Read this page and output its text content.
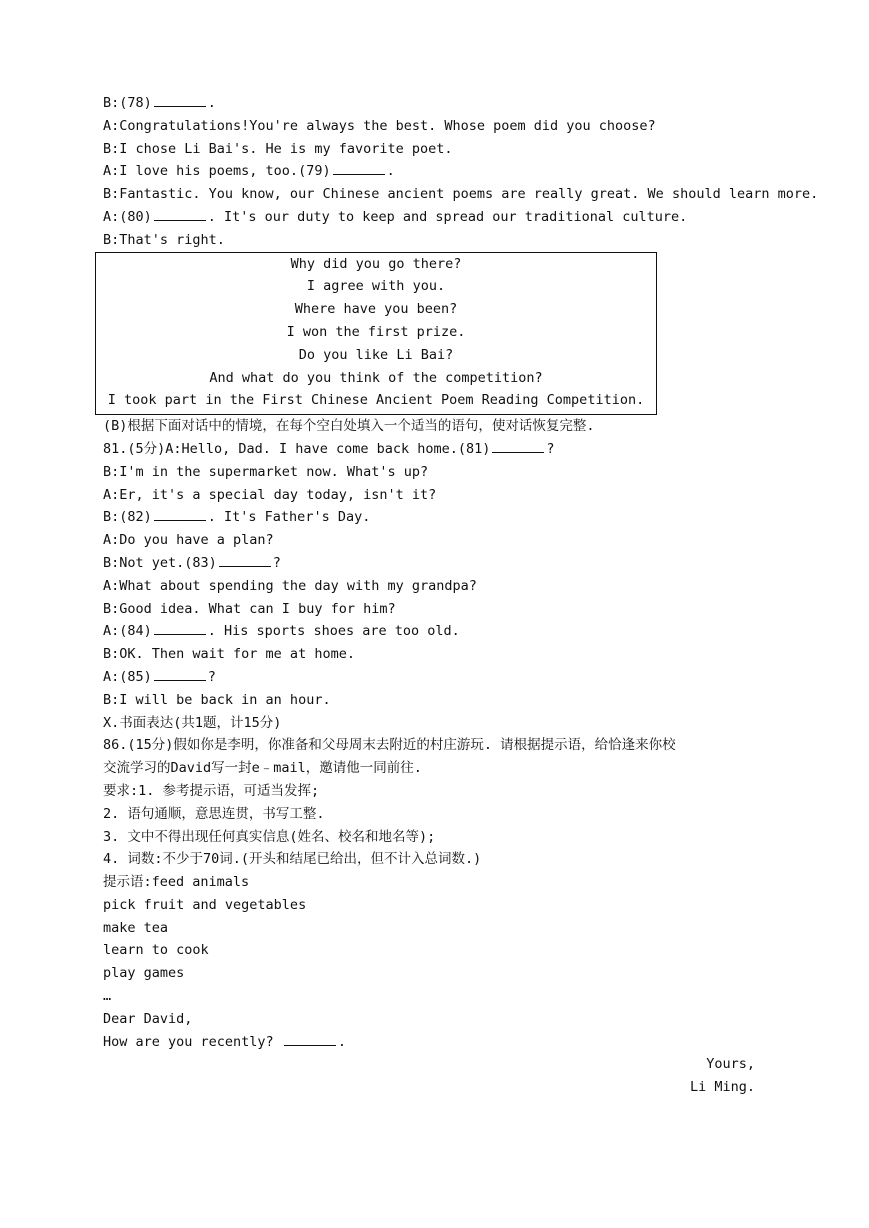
B:(78)	.
A:Congratulations!You're always the best. Whose poem did you choose?
B:I chose Li Bai's. He is my favorite poet.
A:I love his poems, too.(79)	.
B:Fantastic. You know, our Chinese ancient poems are really great. We should learn more.
A:(80)	. It's our duty to keep and spread our traditional culture.
B:That's right.
Why did you go there?
I agree with you.
Where have you been?
I won the first prize.
Do you like Li Bai?
And what do you think of the competition?
I took part in the First Chinese Ancient Poem Reading Competition.
(B)根据下面对话中的情境，在每个空白处填入一个适当的语句，使对话恢复完整.
81.(5分)A:Hello, Dad. I have come back home.(81)	?
B:I'm in the supermarket now. What's up?
A:Er, it's a special day today, isn't it?
B:(82)	. It's Father's Day.
A:Do you have a plan?
B:Not yet.(83)	?
A:What about spending the day with my grandpa?
B:Good idea. What can I buy for him?
A:(84)	. His sports shoes are too old.
B:OK. Then wait for me at home.
A:(85)	?
B:I will be back in an hour.
X.书面表达(共1题，计15分)
86.(15分)假如你是李明，你准备和父母周末去附近的村庄游玩. 请根据提示语，给恰逢来你校
交流学习的David写一封e﹣mail，邀请他一同前往.
要求:1. 参考提示语，可适当发挥;
2. 语句通顺，意思连贯，书写工整.
3. 文中不得出现任何真实信息(姓名、校名和地名等);
4. 词数:不少于70词.(开头和结尾已给出，但不计入总词数.)
提示语:feed animals
pick fruit and vegetables
make tea
learn to cook
play games
…
Dear David,
How are you recently?	.
Yours,
Li Ming.
